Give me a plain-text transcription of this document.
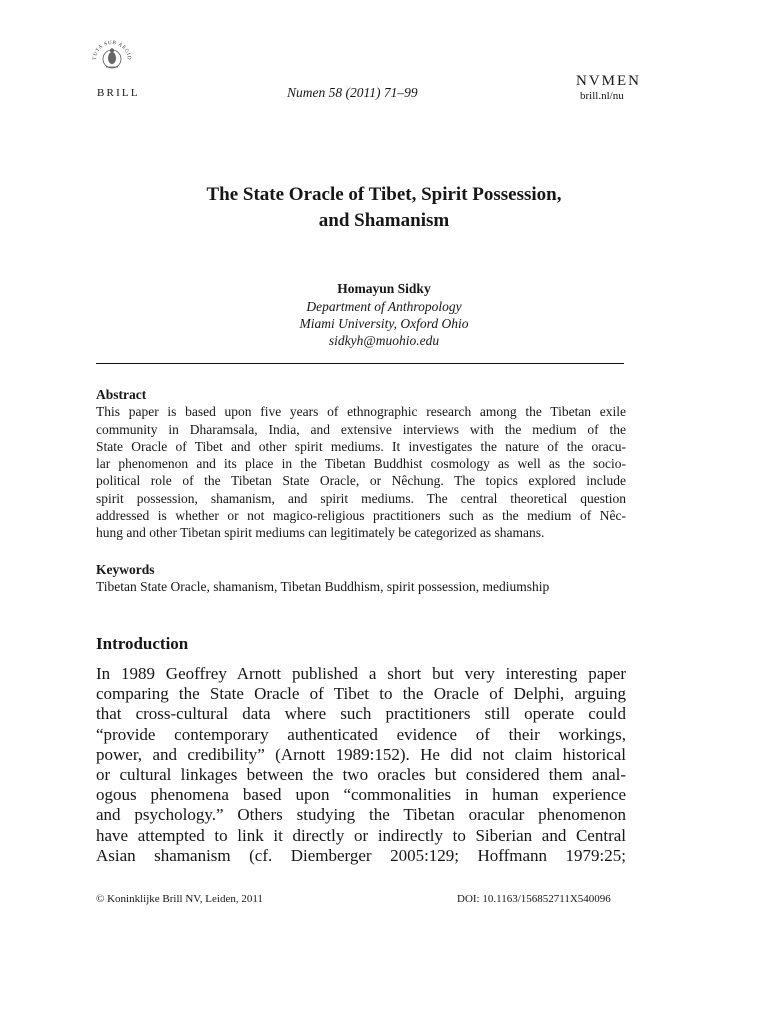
TUTA SUB AEGID
BRILL	Numen 58 (2011) 71–99
NVMEN
brill.nl/nu
The State Oracle of Tibet, Spirit Possession,
and Shamanism
Homayun Sidky
Department of Anthropology
Miami University, Oxford Ohio
sidkyh@muohio.edu
Abstract
This paper is based upon five years of ethnographic research among the Tibetan exile
community in Dharamsala, India, and extensive interviews with the medium of the
State Oracle of Tibet and other spirit mediums. It investigates the nature of the oracu-
lar phenomenon and its place in the Tibetan Buddhist cosmology as well as the socio-
political role of the Tibetan State Oracle, or Nêchung. The topics explored include
spirit possession, shamanism, and spirit mediums. The central theoretical question
addressed is whether or not magico-religious practitioners such as the medium of Nêc-
hung and other Tibetan spirit mediums can legitimately be categorized as shamans.
Keywords
Tibetan State Oracle, shamanism, Tibetan Buddhism, spirit possession, mediumship
Introduction
In 1989 Geoffrey Arnott published a short but very interesting paper
comparing the State Oracle of Tibet to the Oracle of Delphi, arguing
that cross-cultural data where such practitioners still operate could
“provide contemporary authenticated evidence of their workings,
power, and credibility” (Arnott 1989:152). He did not claim historical
or cultural linkages between the two oracles but considered them anal-
ogous phenomena based upon “commonalities in human experience
and psychology.” Others studying the Tibetan oracular phenomenon
have attempted to link it directly or indirectly to Siberian and Central
Asian shamanism (cf. Diemberger 2005:129; Hoffmann 1979:25;
© Koninklijke Brill NV, Leiden, 2011	DOI: 10.1163/156852711X540096
